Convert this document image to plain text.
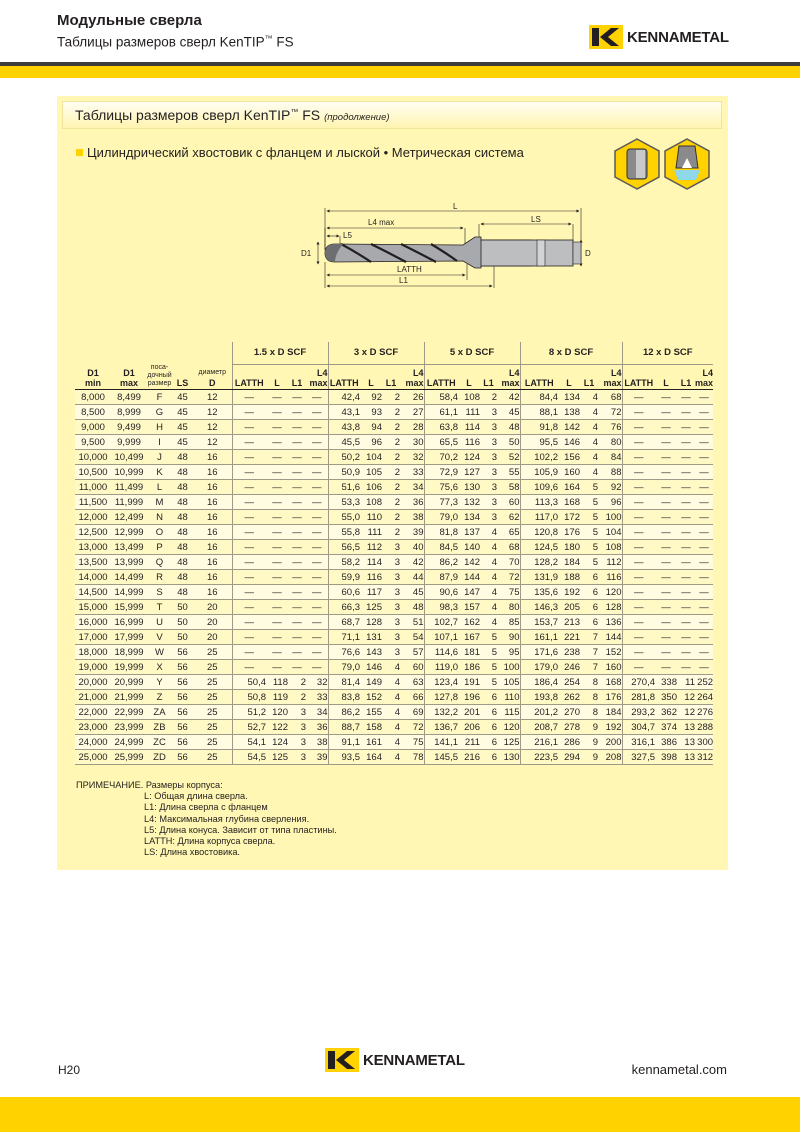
Модульные сверла
Таблицы размеров сверл KenTIP™ FS	KENNAMETAL
Таблицы размеров сверл KenTIP™ FS (продолжение)
Цилиндрический хвостовик с фланцем и лыской • Метрическая система
L
L4 max	LS
L5
D1	D
LATTH
L1
					1.5 x D SCF				3 x D SCF				5 x D SCF				8 x D SCF				12 x D SCF			
D1
min	D1
max	поса-
дочный
размер	LS	диаметр
D	LATTH	L	L1	L4
max	LATTH	L	L1	L4
max	LATTH	L	L1	L4
max	LATTH	L	L1	L4
max	LATTH	L	L1	L4
max
8,000	8,499	F	45	12	—	—	—	—	42,4	92	2	26	58,4	108	2	42	84,4	134	4	68	—	—	—	—
8,500	8,999	G	45	12	—	—	—	—	43,1	93	2	27	61,1	111	3	45	88,1	138	4	72	—	—	—	—
9,000	9,499	H	45	12	—	—	—	—	43,8	94	2	28	63,8	114	3	48	91,8	142	4	76	—	—	—	—
9,500	9,999	I	45	12	—	—	—	—	45,5	96	2	30	65,5	116	3	50	95,5	146	4	80	—	—	—	—
10,000	10,499	J	48	16	—	—	—	—	50,2	104	2	32	70,2	124	3	52	102,2	156	4	84	—	—	—	—
10,500	10,999	K	48	16	—	—	—	—	50,9	105	2	33	72,9	127	3	55	105,9	160	4	88	—	—	—	—
11,000	11,499	L	48	16	—	—	—	—	51,6	106	2	34	75,6	130	3	58	109,6	164	5	92	—	—	—	—
11,500	11,999	M	48	16	—	—	—	—	53,3	108	2	36	77,3	132	3	60	113,3	168	5	96	—	—	—	—
12,000	12,499	N	48	16	—	—	—	—	55,0	110	2	38	79,0	134	3	62	117,0	172	5	100	—	—	—	—
12,500	12,999	O	48	16	—	—	—	—	55,8	111	2	39	81,8	137	4	65	120,8	176	5	104	—	—	—	—
13,000	13,499	P	48	16	—	—	—	—	56,5	112	3	40	84,5	140	4	68	124,5	180	5	108	—	—	—	—
13,500	13,999	Q	48	16	—	—	—	—	58,2	114	3	42	86,2	142	4	70	128,2	184	5	112	—	—	—	—
14,000	14,499	R	48	16	—	—	—	—	59,9	116	3	44	87,9	144	4	72	131,9	188	6	116	—	—	—	—
14,500	14,999	S	48	16	—	—	—	—	60,6	117	3	45	90,6	147	4	75	135,6	192	6	120	—	—	—	—
15,000	15,999	T	50	20	—	—	—	—	66,3	125	3	48	98,3	157	4	80	146,3	205	6	128	—	—	—	—
16,000	16,999	U	50	20	—	—	—	—	68,7	128	3	51	102,7	162	4	85	153,7	213	6	136	—	—	—	—
17,000	17,999	V	50	20	—	—	—	—	71,1	131	3	54	107,1	167	5	90	161,1	221	7	144	—	—	—	—
18,000	18,999	W	56	25	—	—	—	—	76,6	143	3	57	114,6	181	5	95	171,6	238	7	152	—	—	—	—
19,000	19,999	X	56	25	—	—	—	—	79,0	146	4	60	119,0	186	5	100	179,0	246	7	160	—	—	—	—
20,000	20,999	Y	56	25	50,4	118	2	32	81,4	149	4	63	123,4	191	5	105	186,4	254	8	168	270,4	338	11	252
21,000	21,999	Z	56	25	50,8	119	2	33	83,8	152	4	66	127,8	196	6	110	193,8	262	8	176	281,8	350	12	264
22,000	22,999	ZA	56	25	51,2	120	3	34	86,2	155	4	69	132,2	201	6	115	201,2	270	8	184	293,2	362	12	276
23,000	23,999	ZB	56	25	52,7	122	3	36	88,7	158	4	72	136,7	206	6	120	208,7	278	9	192	304,7	374	13	288
24,000	24,999	ZC	56	25	54,1	124	3	38	91,1	161	4	75	141,1	211	6	125	216,1	286	9	200	316,1	386	13	300
25,000	25,999	ZD	56	25	54,5	125	3	39	93,5	164	4	78	145,5	216	6	130	223,5	294	9	208	327,5	398	13	312
ПРИМЕЧАНИЕ. Размеры корпуса:
L: Общая длина сверла.
L1: Длина сверла с фланцем
L4: Максимальная глубина сверления.
L5: Длина конуса. Зависит от типа пластины.
LATTH: Длина корпуса сверла.
LS: Длина хвостовика.
KENNAMETAL
H20	kennametal.com
